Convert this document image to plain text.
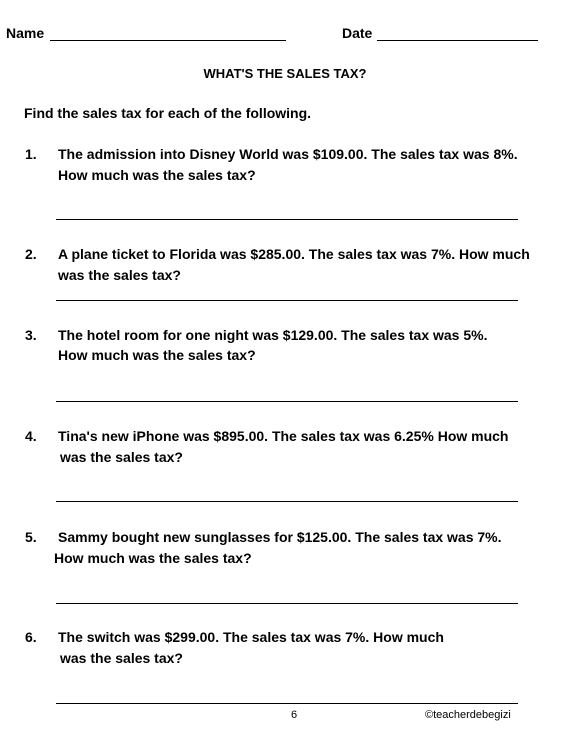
Name	Date
WHAT'S THE SALES TAX?
Find the sales tax for each of the following.
1. The admission into Disney World was $109.00. The sales tax was 8%.
How much was the sales tax?
2. A plane ticket to Florida was $285.00. The sales tax was 7%. How much
was the sales tax?
3. The hotel room for one night was $129.00. The sales tax was 5%.
How much was the sales tax?
4. Tina's new iPhone was $895.00. The sales tax was 6.25% How much
was the sales tax?
5. Sammy bought new sunglasses for $125.00. The sales tax was 7%.
How much was the sales tax?
6. The switch was $299.00. The sales tax was 7%. How much
was the sales tax?
6	©teacherdebegizi
